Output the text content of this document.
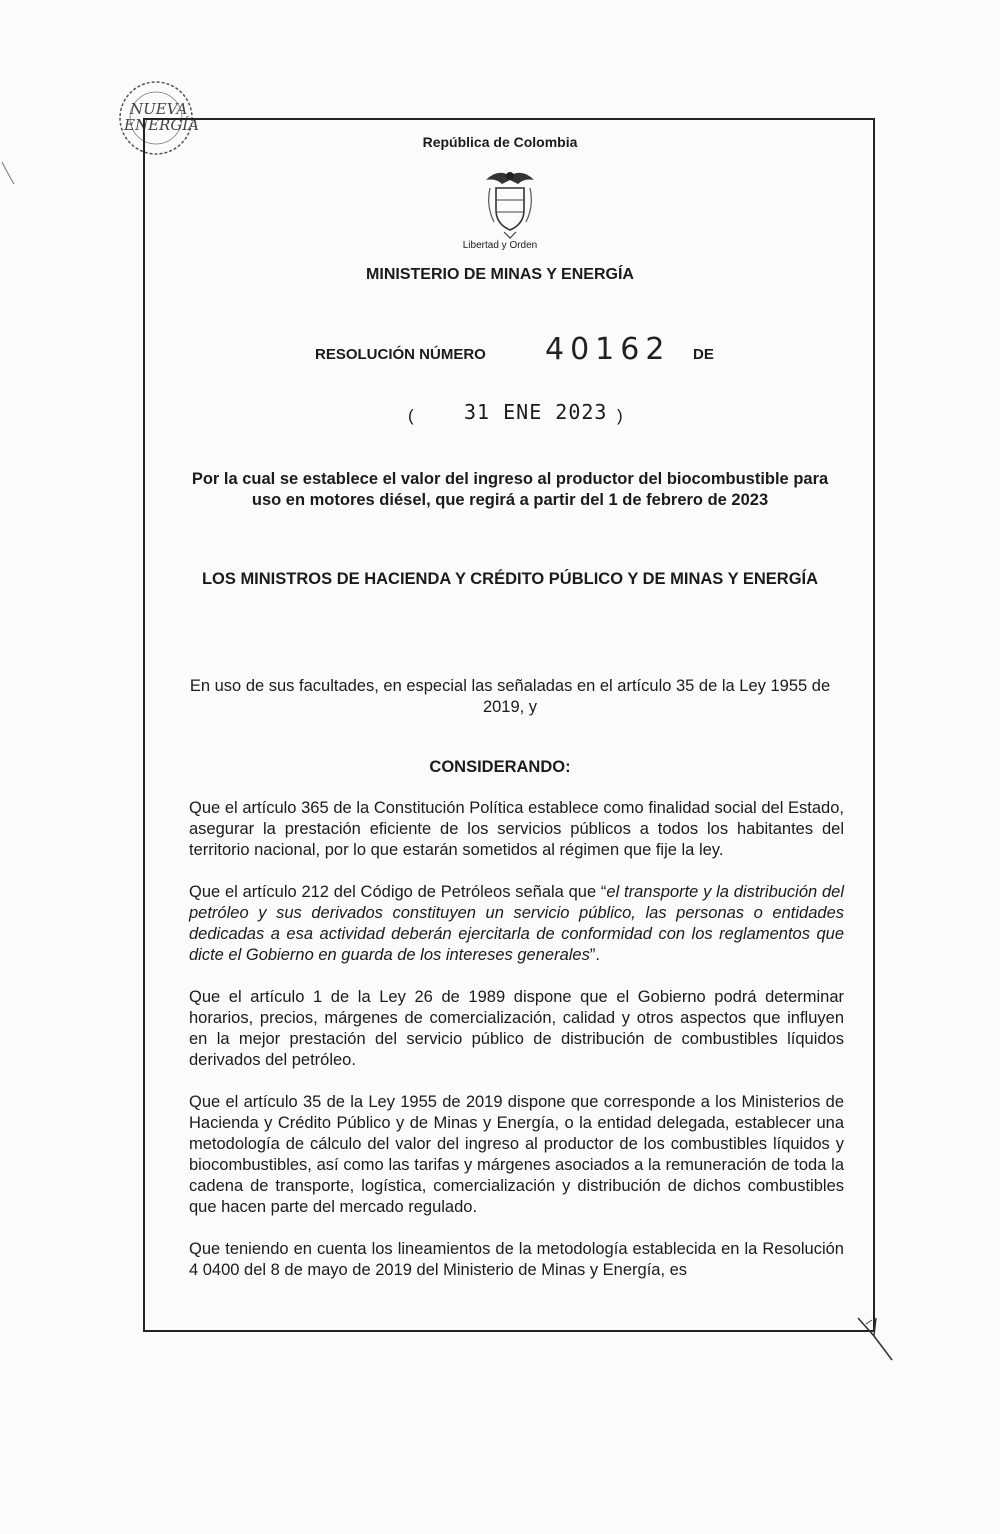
NUEVA
ENERGÍA
República de Colombia
Libertad y Orden
MINISTERIO DE MINAS Y ENERGÍA
RESOLUCIÓN NÚMERO 40162 DE
(	31 ENE 2023 )
Por la cual se establece el valor del ingreso al productor del biocombustible para uso en motores diésel, que regirá a partir del 1 de febrero de 2023
LOS MINISTROS DE HACIENDA Y CRÉDITO PÚBLICO Y DE MINAS Y ENERGÍA
En uso de sus facultades, en especial las señaladas en el artículo 35 de la Ley 1955 de 2019, y
CONSIDERANDO:

Que el artículo 365 de la Constitución Política establece como finalidad social del Estado, asegurar la prestación eficiente de los servicios públicos a todos los habitantes del territorio nacional, por lo que estarán sometidos al régimen que fije la ley.

Que el artículo 212 del Código de Petróleos señala que “el transporte y la distribución del petróleo y sus derivados constituyen un servicio público, las personas o entidades dedicadas a esa actividad deberán ejercitarla de conformidad con los reglamentos que dicte el Gobierno en guarda de los intereses generales”.

Que el artículo 1 de la Ley 26 de 1989 dispone que el Gobierno podrá determinar horarios, precios, márgenes de comercialización, calidad y otros aspectos que influyen en la mejor prestación del servicio público de distribución de combustibles líquidos derivados del petróleo.

Que el artículo 35 de la Ley 1955 de 2019 dispone que corresponde a los Ministerios de Hacienda y Crédito Público y de Minas y Energía, o la entidad delegada, establecer una metodología de cálculo del valor del ingreso al productor de los combustibles líquidos y biocombustibles, así como las tarifas y márgenes asociados a la remuneración de toda la cadena de transporte, logística, comercialización y distribución de dichos combustibles que hacen parte del mercado regulado.

Que teniendo en cuenta los lineamientos de la metodología establecida en la Resolución 4 0400 del 8 de mayo de 2019 del Ministerio de Minas y Energía, es
